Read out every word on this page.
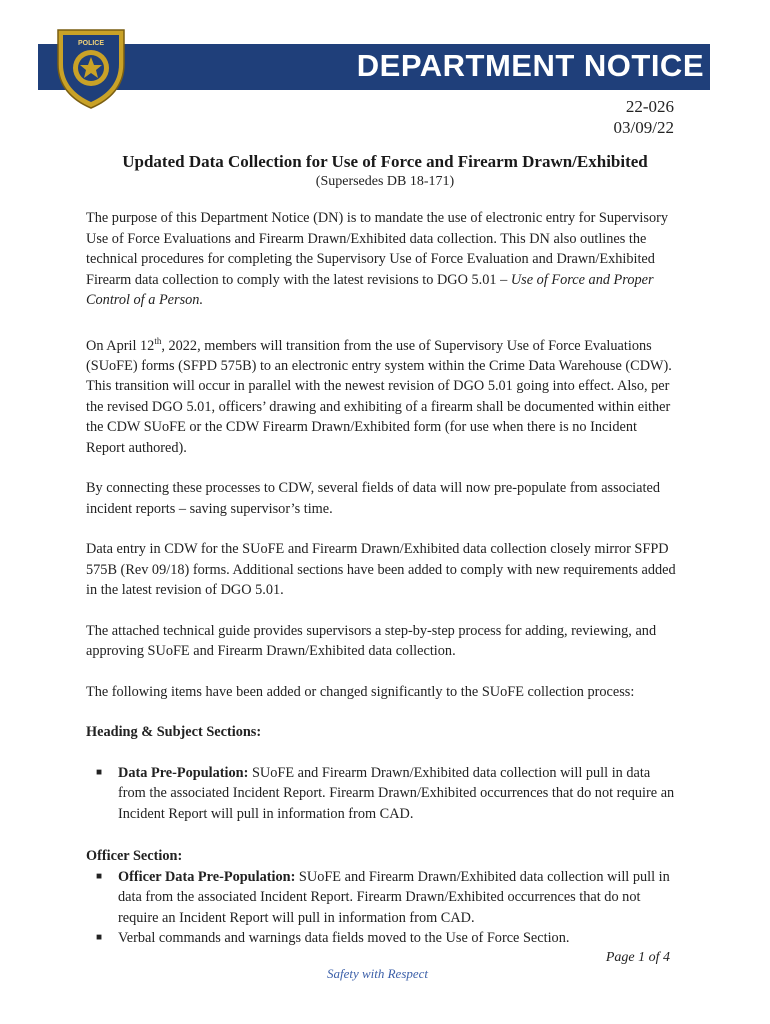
DEPARTMENT NOTICE
POLICE
22-026
03/09/22
Updated Data Collection for Use of Force and Firearm Drawn/Exhibited
(Supersedes DB 18-171)

The purpose of this Department Notice (DN) is to mandate the use of electronic entry for Supervisory Use of Force Evaluations and Firearm Drawn/Exhibited data collection. This DN also outlines the technical procedures for completing the Supervisory Use of Force Evaluation and Drawn/Exhibited Firearm data collection to comply with the latest revisions to DGO 5.01 – Use of Force and Proper Control of a Person.

On April 12th, 2022, members will transition from the use of Supervisory Use of Force Evaluations (SUoFE) forms (SFPD 575B) to an electronic entry system within the Crime Data Warehouse (CDW). This transition will occur in parallel with the newest revision of DGO 5.01 going into effect. Also, per the revised DGO 5.01, officers’ drawing and exhibiting of a firearm shall be documented within either the CDW SUoFE or the CDW Firearm Drawn/Exhibited form (for use when there is no Incident Report authored).

By connecting these processes to CDW, several fields of data will now pre-populate from associated incident reports – saving supervisor’s time.

Data entry in CDW for the SUoFE and Firearm Drawn/Exhibited data collection closely mirror SFPD 575B (Rev 09/18) forms. Additional sections have been added to comply with new requirements added in the latest revision of DGO 5.01.

The attached technical guide provides supervisors a step-by-step process for adding, reviewing, and approving SUoFE and Firearm Drawn/Exhibited data collection.

The following items have been added or changed significantly to the SUoFE collection process:

Heading & Subject Sections:
■ Data Pre-Population: SUoFE and Firearm Drawn/Exhibited data collection will pull in data from the associated Incident Report. Firearm Drawn/Exhibited occurrences that do not require an Incident Report will pull in information from CAD.
Officer Section:
■ Officer Data Pre-Population: SUoFE and Firearm Drawn/Exhibited data collection will pull in data from the associated Incident Report. Firearm Drawn/Exhibited occurrences that do not require an Incident Report will pull in information from CAD.
■ Verbal commands and warnings data fields moved to the Use of Force Section.
Page 1 of 4
Safety with Respect
